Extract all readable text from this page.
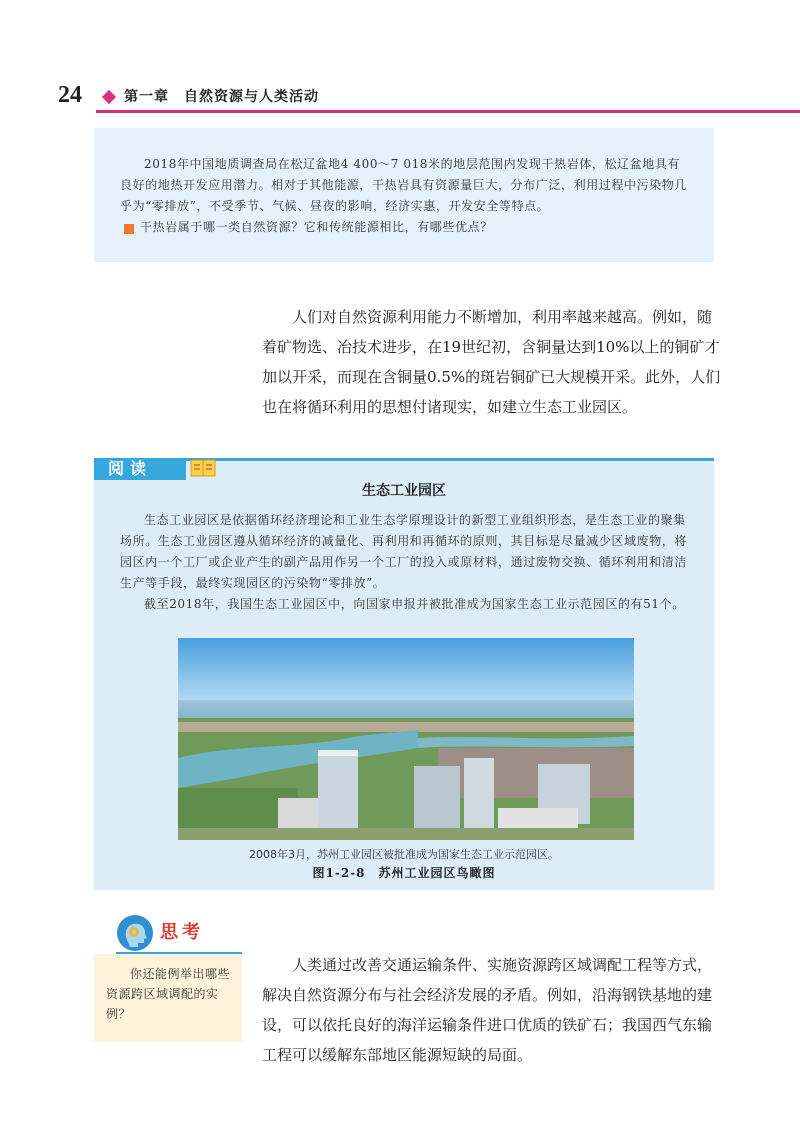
24	第一章　自然资源与人类活动

2018年中国地质调查局在松辽盆地4 400～7 018米的地层范围内发现干热岩体，松辽盆地具有良好的地热开发应用潜力。相对于其他能源，干热岩具有资源量巨大，分布广泛，利用过程中污染物几乎为“零排放”，不受季节、气候、昼夜的影响，经济实惠，开发安全等特点。

干热岩属于哪一类自然资源？它和传统能源相比，有哪些优点？

人们对自然资源利用能力不断增加，利用率越来越高。例如，随着矿物选、冶技术进步，在19世纪初，含铜量达到10%以上的铜矿才加以开采，而现在含铜量0.5%的斑岩铜矿已大规模开采。此外，人们也在将循环利用的思想付诸现实，如建立生态工业园区。

阅读
生态工业园区

生态工业园区是依据循环经济理论和工业生态学原理设计的新型工业组织形态，是生态工业的聚集场所。生态工业园区遵从循环经济的减量化、再利用和再循环的原则，其目标是尽量减少区域废物，将园区内一个工厂或企业产生的副产品用作另一个工厂的投入或原材料，通过废物交换、循环利用和清洁生产等手段，最终实现园区的污染物“零排放”。

截至2018年，我国生态工业园区中，向国家申报并被批准成为国家生态工业示范园区的有51个。

2008年3月，苏州工业园区被批准成为国家生态工业示范园区。
图1-2-8　苏州工业园区鸟瞰图
思考

你还能例举出哪些资源跨区域调配的实例？

人类通过改善交通运输条件、实施资源跨区域调配工程等方式，解决自然资源分布与社会经济发展的矛盾。例如，沿海钢铁基地的建设，可以依托良好的海洋运输条件进口优质的铁矿石；我国西气东输工程可以缓解东部地区能源短缺的局面。
